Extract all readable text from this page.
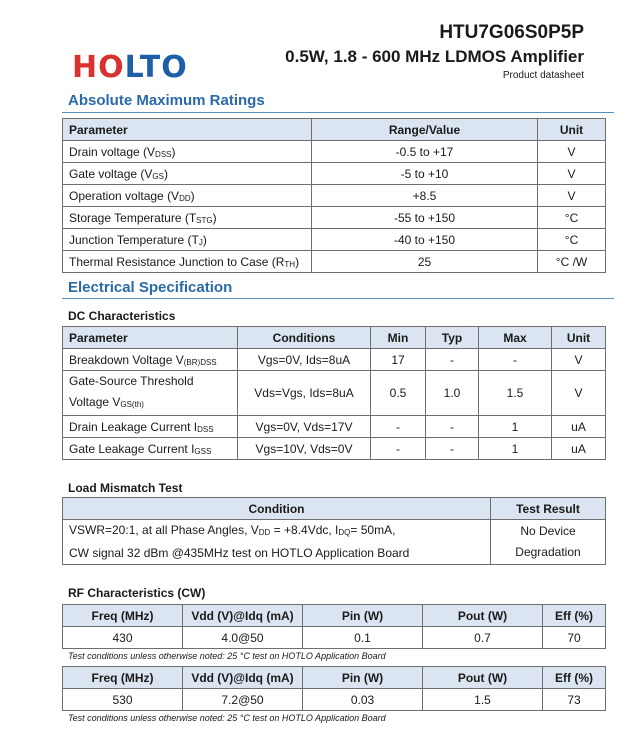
HOLTO
HTU7G06S0P5P
0.5W, 1.8 - 600 MHz LDMOS Amplifier
Product datasheet
Absolute Maximum Ratings
Parameter	Range/Value	Unit
Drain voltage $(V_{DSS})$	-0.5 to +17	V
Gate voltage $(V_{GS})$	-5 to +10	V
Operation voltage $(V_{DD})$	+8.5	V
Storage Temperature $(T_{STG})$	-55 to +150	°C
Junction Temperature $(T_J)$	-40 to +150	°C
Thermal Resistance Junction to Case $(R_{TH})$	25	°C /W
Electrical Specification
DC Characteristics
Parameter	Conditions	Min	Typ	Max	Unit
Breakdown Voltage $V_{(BR)DSS}$	Vgs=0V, Ids=8uA	17	-	-	V
Gate-Source Threshold
Voltage $V_{GS(th)}$	Vds=Vgs, Ids=8uA	0.5	1.0	1.5	V
Drain Leakage Current $I_{DSS}$	Vgs=0V, Vds=17V	-	-	1	uA
Gate Leakage Current $I_{GSS}$	Vgs=10V, Vds=0V	-	-	1	uA
Load Mismatch Test
Condition	Test Result
VSWR=20:1, at all Phase Angles, $V_{DD} = +8.4Vdc$, $I_{DQ}= 50mA$,
CW signal 32 dBm @435MHz test on HOTLO Application Board	No Device
Degradation
RF Characteristics (CW)
Freq (MHz)	Vdd (V)@Idq (mA)	Pin (W)	Pout (W)	Eff (%)
430	4.0@50	0.1	0.7	70
Test conditions unless otherwise noted: 25 °C test on HOTLO Application Board
Freq (MHz)	Vdd (V)@Idq (mA)	Pin (W)	Pout (W)	Eff (%)
530	7.2@50	0.03	1.5	73
Test conditions unless otherwise noted: 25 °C test on HOTLO Application Board
